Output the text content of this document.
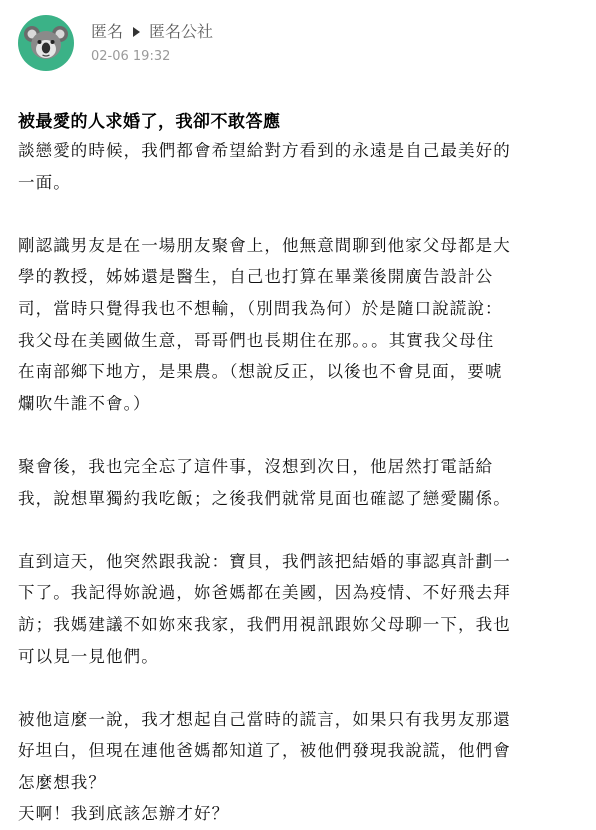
匿名 匿名公社
02-06 19:32
被最愛的人求婚了，我卻不敢答應

談戀愛的時候，我們都會希望給對方看到的永遠是自己最美好的

一面。

剛認識男友是在一場朋友聚會上，他無意間聊到他家父母都是大

學的教授，姊姊還是醫生，自己也打算在畢業後開廣告設計公

司，當時只覺得我也不想輸，（別問我為何）於是隨口說謊說：

我父母在美國做生意，哥哥們也長期住在那。。。其實我父母住

在南部鄉下地方，是果農。（想說反正，以後也不會見面，要唬

爛吹牛誰不會。）

聚會後，我也完全忘了這件事，沒想到次日，他居然打電話給

我，說想單獨約我吃飯；之後我們就常見面也確認了戀愛關係。

直到這天，他突然跟我說：寶貝，我們該把結婚的事認真計劃一

下了。我記得妳說過，妳爸媽都在美國，因為疫情、不好飛去拜

訪；我媽建議不如妳來我家，我們用視訊跟妳父母聊一下，我也

可以見一見他們。

被他這麼一說，我才想起自己當時的謊言，如果只有我男友那還

好坦白，但現在連他爸媽都知道了，被他們發現我說謊，他們會

怎麼想我？

天啊！我到底該怎辦才好？
